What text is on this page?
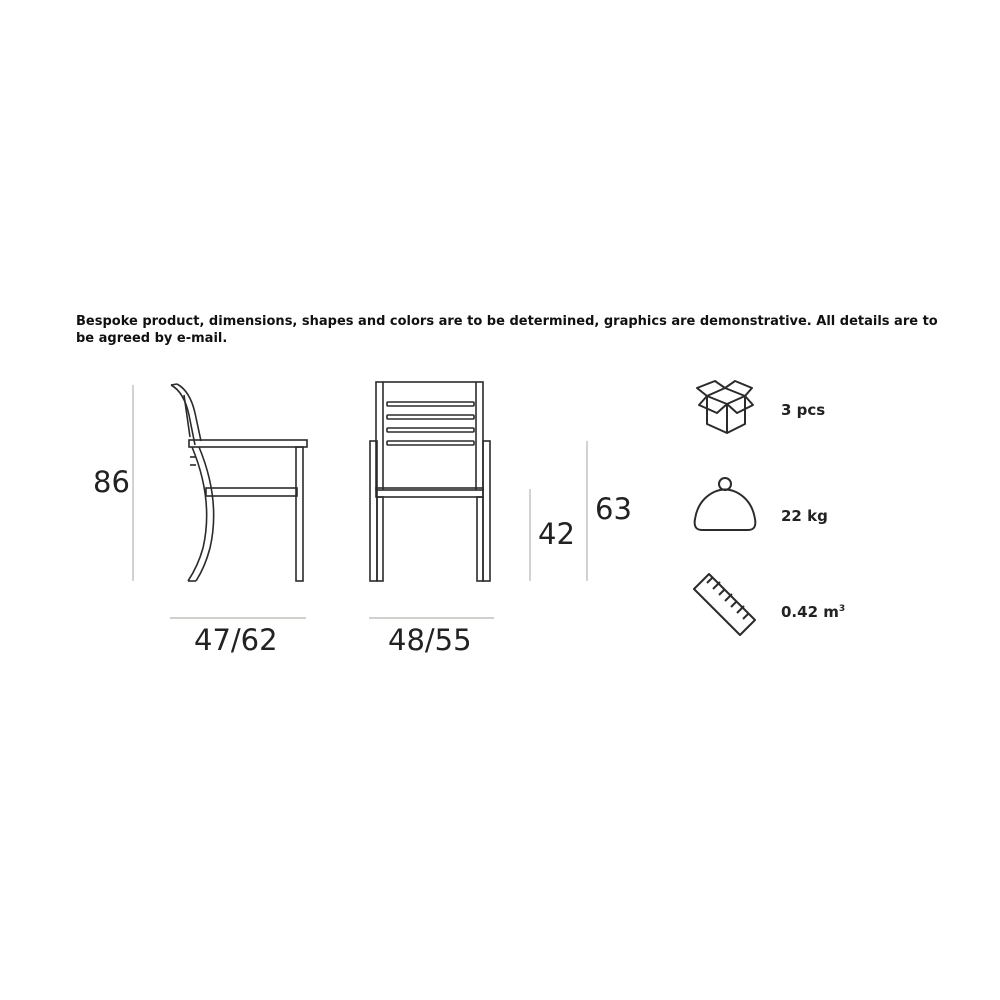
Bespoke product, dimensions, shapes and colors are to be determined, graphics are demonstrative. All details are to be agreed by e-mail.
86
47/62	48/55
42
63
3 pcs
22 kg
0.42 $m^3$
